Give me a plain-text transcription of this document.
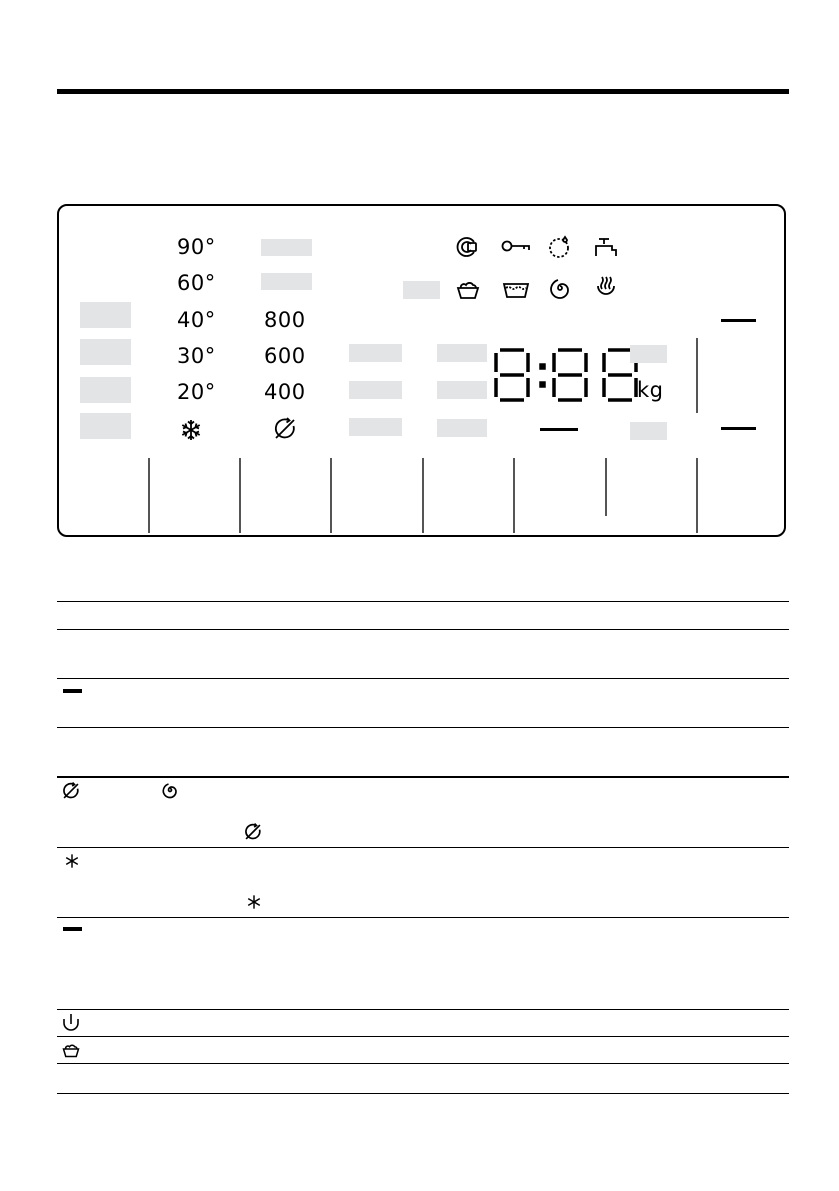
90°
60°
40°
30°
20°
800
600
400	kg
